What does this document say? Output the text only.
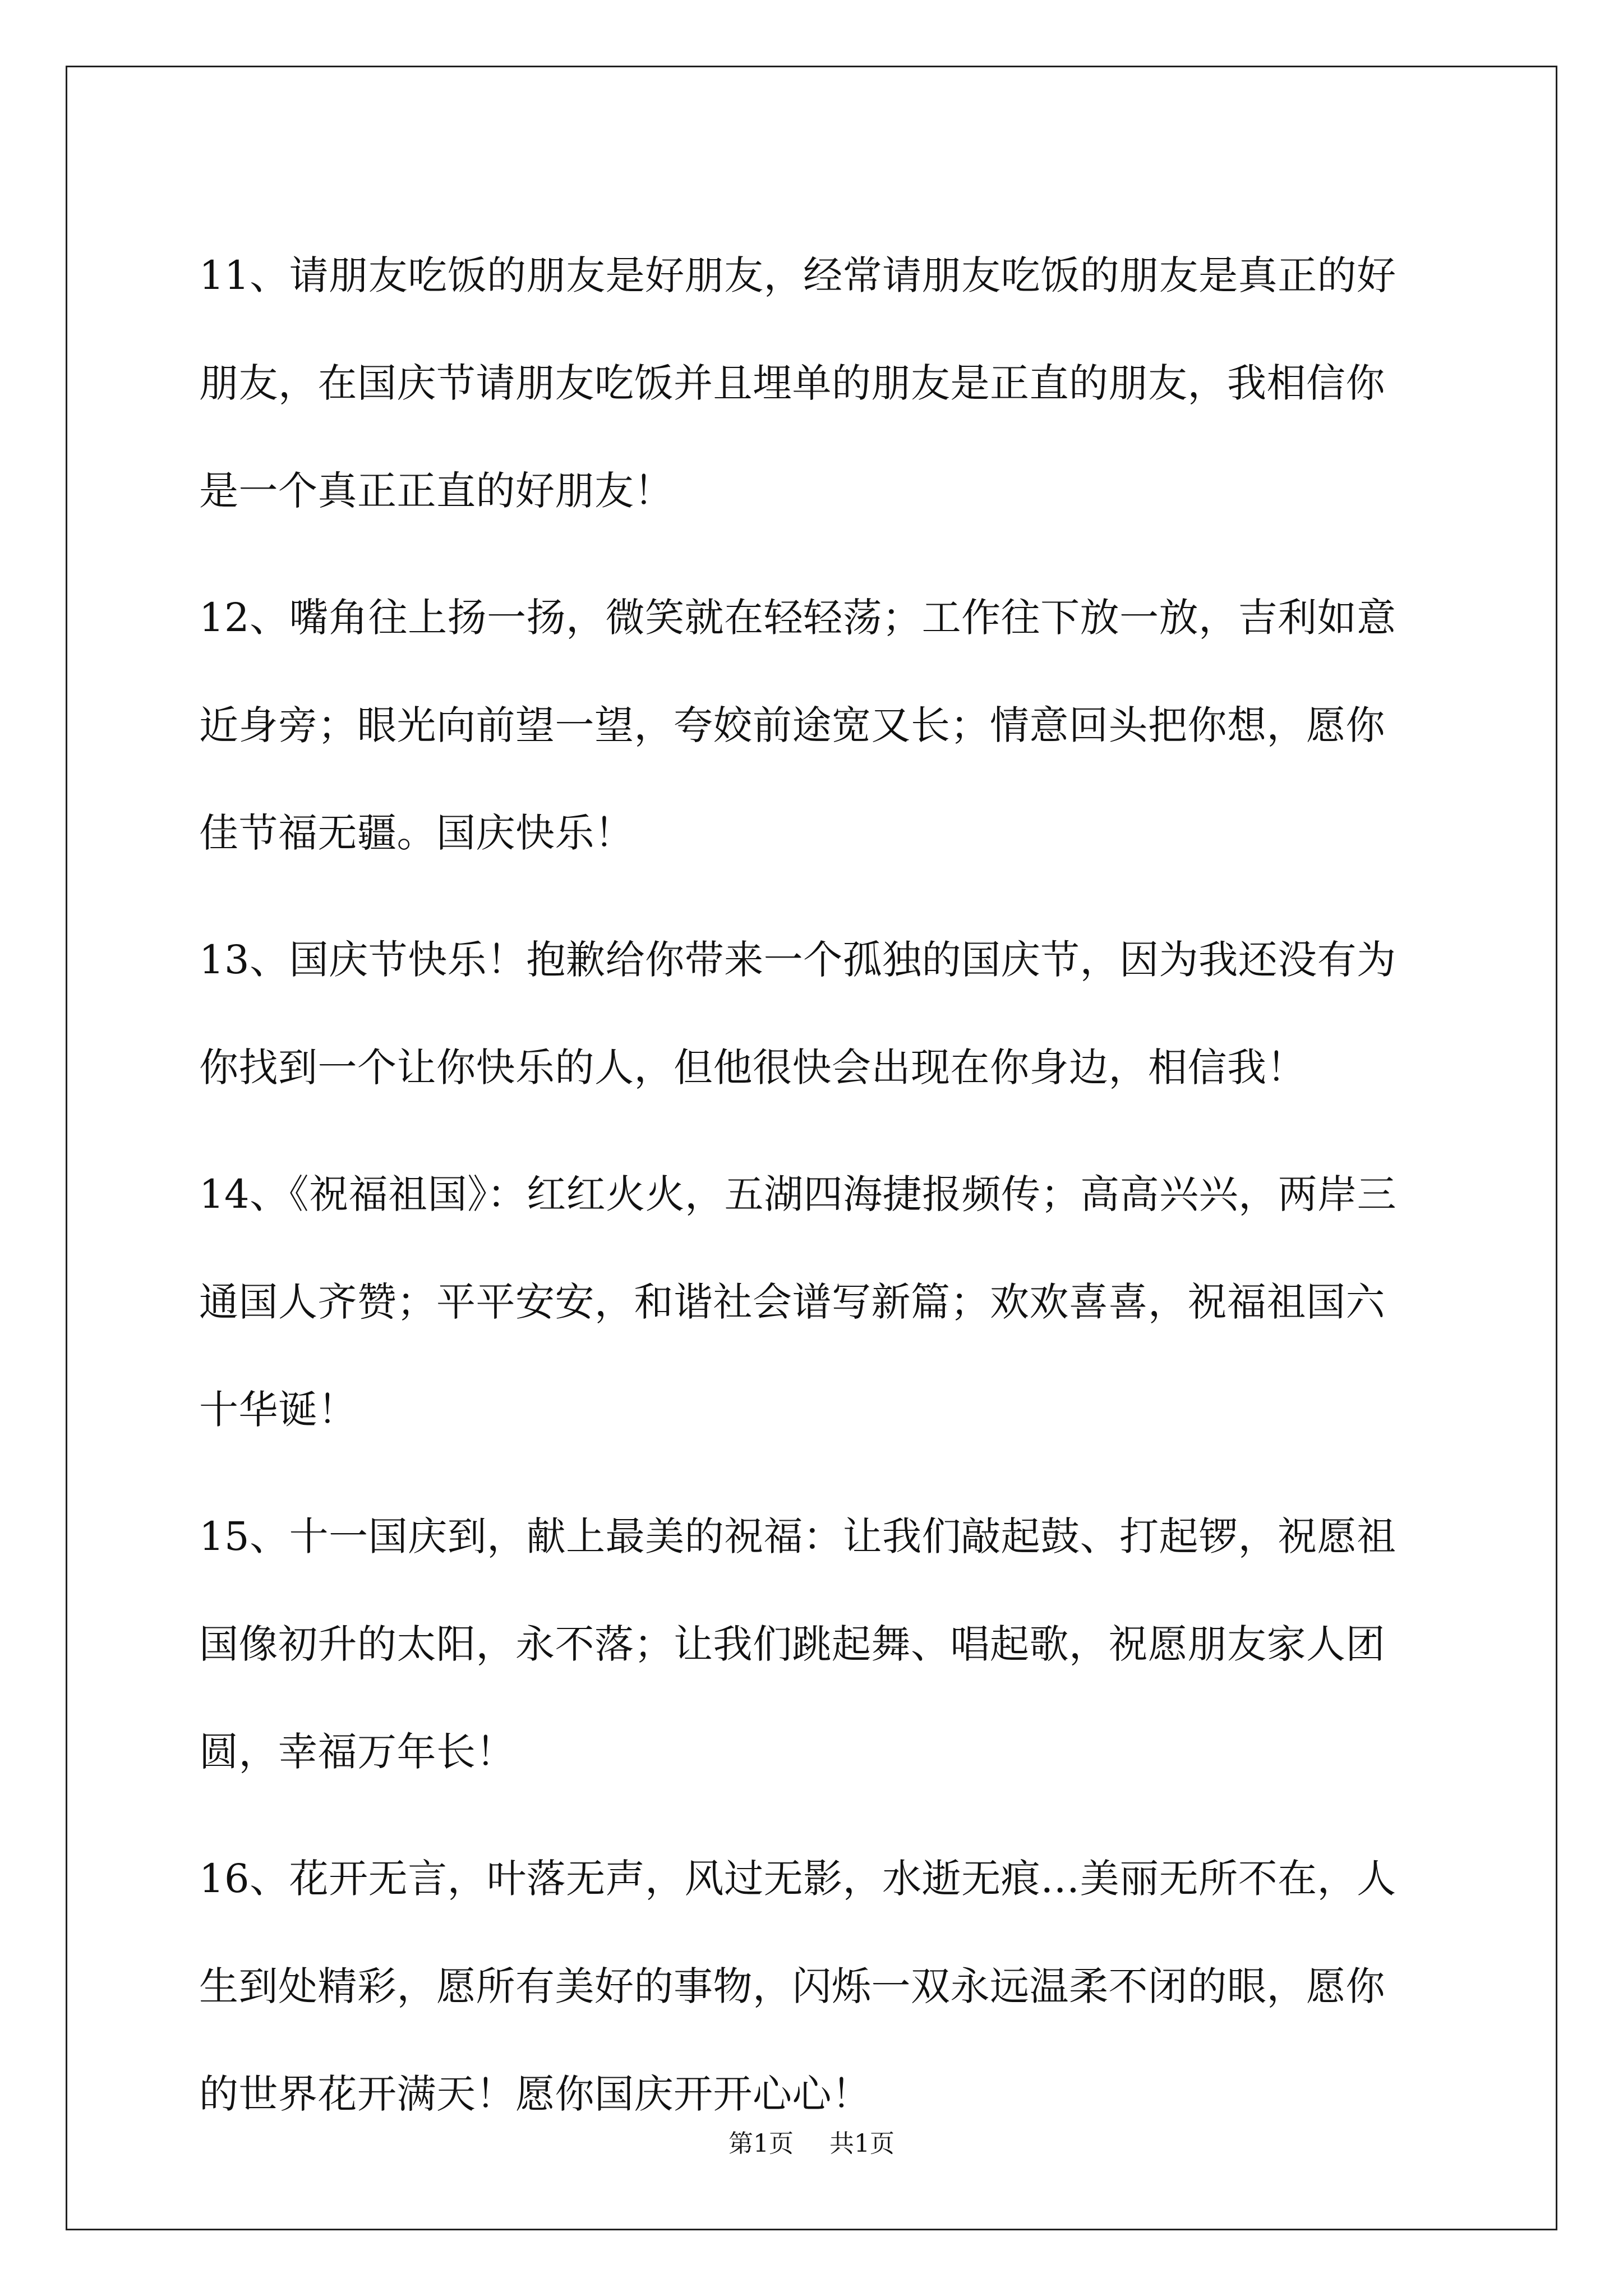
11、请朋友吃饭的朋友是好朋友，经常请朋友吃饭的朋友是真正的好
朋友，在国庆节请朋友吃饭并且埋单的朋友是正直的朋友，我相信你
是一个真正正直的好朋友！

12、嘴角往上扬一扬，微笑就在轻轻荡；工作往下放一放，吉利如意
近身旁；眼光向前望一望，夸姣前途宽又长；情意回头把你想，愿你
佳节福无疆。国庆快乐！

13、国庆节快乐！抱歉给你带来一个孤独的国庆节，因为我还没有为
你找到一个让你快乐的人，但他很快会出现在你身边，相信我！

14、《祝福祖国》：红红火火，五湖四海捷报频传；高高兴兴，两岸三
通国人齐赞；平平安安，和谐社会谱写新篇；欢欢喜喜，祝福祖国六
十华诞！

15、十一国庆到，献上最美的祝福：让我们敲起鼓、打起锣，祝愿祖
国像初升的太阳，永不落；让我们跳起舞、唱起歌，祝愿朋友家人团
圆，幸福万年长！

16、花开无言，叶落无声，风过无影，水逝无痕…美丽无所不在，人
生到处精彩，愿所有美好的事物，闪烁一双永远温柔不闭的眼，愿你
的世界花开满天！愿你国庆开开心心！

第1页 共1页
